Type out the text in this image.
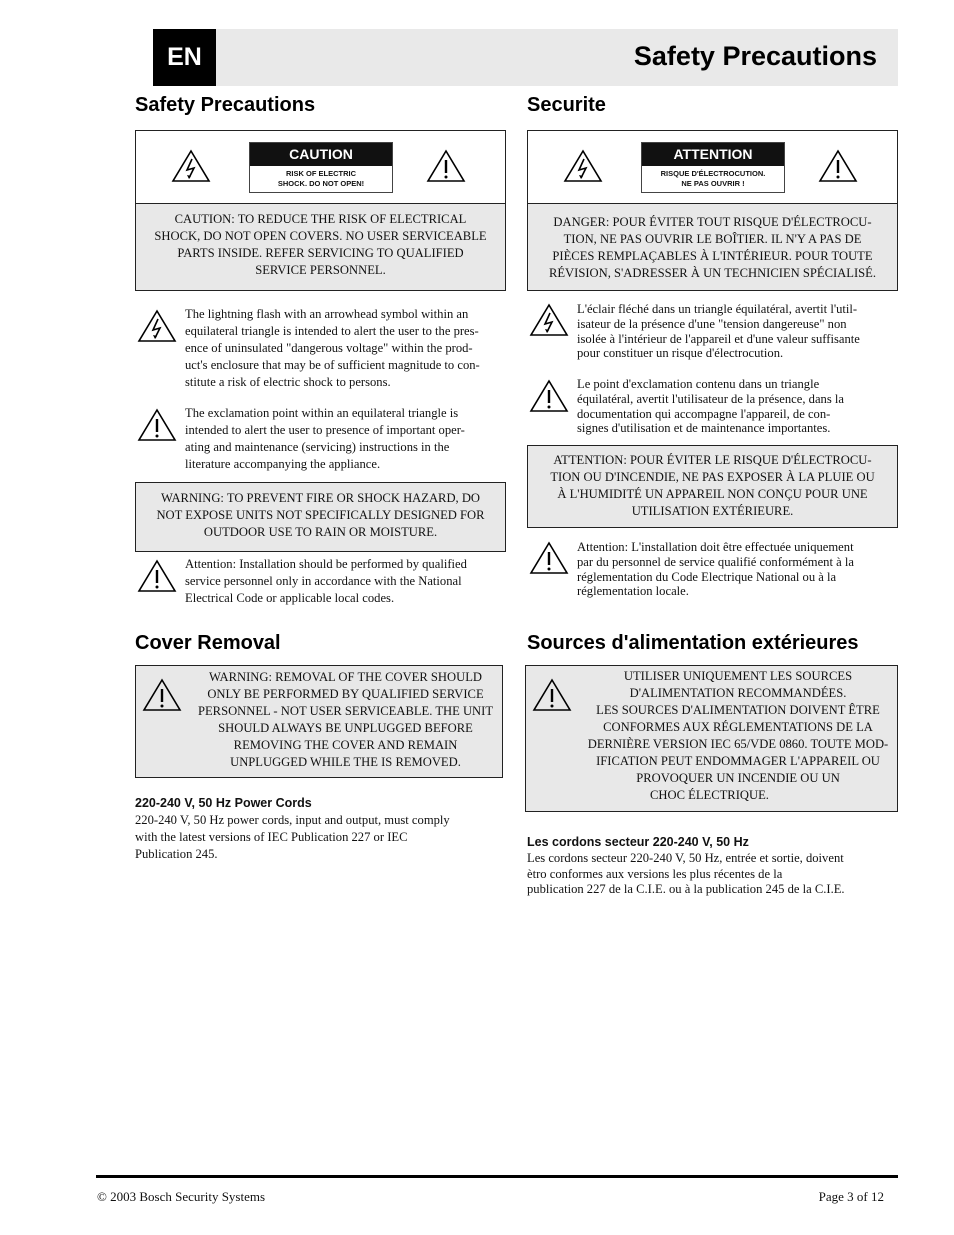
EN	Safety Precautions
Safety Precautions
CAUTION
RISK OF ELECTRIC
SHOCK. DO NOT OPEN!
CAUTION: TO REDUCE THE RISK OF ELECTRICAL
SHOCK, DO NOT OPEN COVERS. NO USER SERVICEABLE
PARTS INSIDE. REFER SERVICING TO QUALIFIED
SERVICE PERSONNEL.
The lightning flash with an arrowhead symbol within an
equilateral triangle is intended to alert the user to the pres-
ence of uninsulated "dangerous voltage" within the prod-
uct's enclosure that may be of sufficient magnitude to con-
stitute a risk of electric shock to persons.
The exclamation point within an equilateral triangle is
intended to alert the user to presence of important oper-
ating and maintenance (servicing) instructions in the
literature accompanying the appliance.
WARNING: TO PREVENT FIRE OR SHOCK HAZARD, DO
NOT EXPOSE UNITS NOT SPECIFICALLY DESIGNED FOR
OUTDOOR USE TO RAIN OR MOISTURE.
Attention: Installation should be performed by qualified
service personnel only in accordance with the National
Electrical Code or applicable local codes.
Cover Removal
WARNING: REMOVAL OF THE COVER SHOULD
ONLY BE PERFORMED BY QUALIFIED SERVICE
PERSONNEL - NOT USER SERVICEABLE. THE UNIT
SHOULD ALWAYS BE UNPLUGGED BEFORE
REMOVING THE COVER AND REMAIN
UNPLUGGED WHILE THE IS REMOVED.
220-240 V, 50 Hz Power Cords
220-240 V, 50 Hz power cords, input and output, must comply
with the latest versions of IEC Publication 227 or IEC
Publication 245.
Securite
ATTENTION
RISQUE D'ÉLECTROCUTION.
NE PAS OUVRIR !
DANGER: POUR ÉVITER TOUT RISQUE D'ÉLECTROCU-
TION, NE PAS OUVRIR LE BOÎTIER. IL N'Y A PAS DE
PIÈCES REMPLAÇABLES À L'INTÉRIEUR. POUR TOUTE
RÉVISION, S'ADRESSER À UN TECHNICIEN SPÉCIALISÉ.
L'éclair fléché dans un triangle équilatéral, avertit l'util-
isateur de la présence d'une "tension dangereuse" non
isolée à l'intérieur de l'appareil et d'une valeur suffisante
pour constituer un risque d'électrocution.
Le point d'exclamation contenu dans un triangle
équilatéral, avertit l'utilisateur de la présence, dans la
documentation qui accompagne l'appareil, de con-
signes d'utilisation et de maintenance importantes.
ATTENTION: POUR ÉVITER LE RISQUE D'ÉLECTROCU-
TION OU D'INCENDIE, NE PAS EXPOSER À LA PLUIE OU
À L'HUMIDITÉ UN APPAREIL NON CONÇU POUR UNE
UTILISATION EXTÉRIEURE.
Attention: L'installation doit être effectuée uniquement
par du personnel de service qualifié conformément à la
réglementation du Code Electrique National ou à la
réglementation locale.
Sources d'alimentation extérieures
UTILISER UNIQUEMENT LES SOURCES
D'ALIMENTATION RECOMMANDÉES.
LES SOURCES D'ALIMENTATION DOIVENT ÊTRE
CONFORMES AUX RÉGLEMENTATIONS DE LA
DERNIÈRE VERSION IEC 65/VDE 0860. TOUTE MOD-
IFICATION PEUT ENDOMMAGER L'APPAREIL OU
PROVOQUER UN INCENDIE OU UN
CHOC ÉLECTRIQUE.
Les cordons secteur 220-240 V, 50 Hz
Les cordons secteur 220-240 V, 50 Hz, entrée et sortie, doivent
ètro conformes aux versions les plus récentes de la
publication 227 de la C.I.E. ou à la publication 245 de la C.I.E.
© 2003 Bosch Security Systems	Page 3 of 12
